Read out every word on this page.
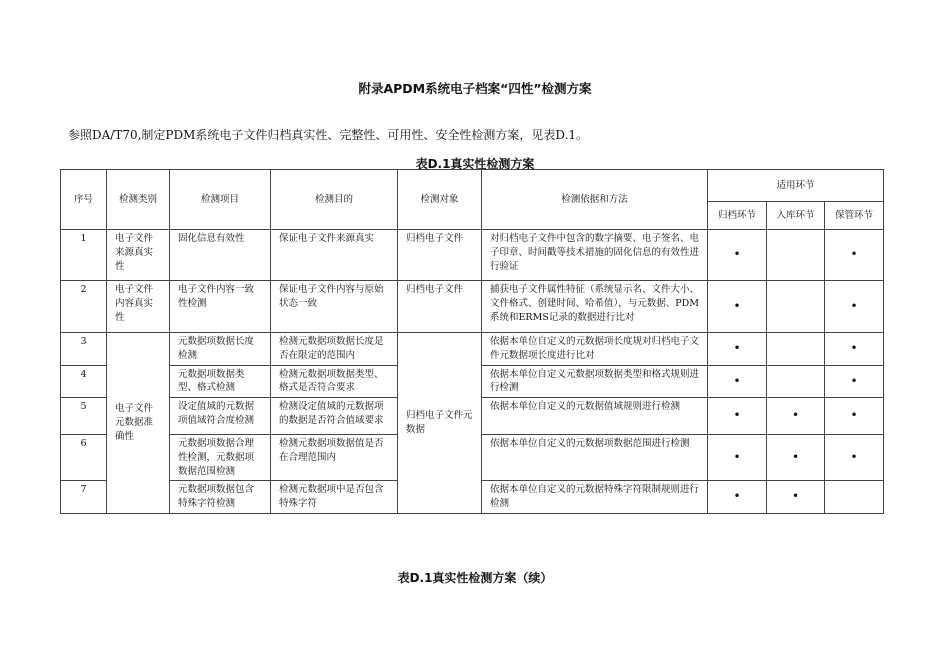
附录APDM系统电子档案“四性”检测方案
参照DA/T70,制定PDM系统电子文件归档真实性、完整性、可用性、安全性检测方案，见表D.1。
表D.1真实性检测方案
序号	检测类别	检测项目	检测目的	检测对象	检测依据和方法	适用环节		
						归档环节	入库环节	保管环节
1	电子文件来源真实性	固化信息有效性	保证电子文件来源真实	归档电子文件	对归档电子文件中包含的数字摘要、电子签名、电子印章、时间戳等技术措施的固化信息的有效性进行验证	•		•
2	电子文件内容真实性	电子文件内容一致性检测	保证电子文件内容与原始状态一致	归档电子文件	捕获电子文件属性特征（系统显示名、文件大小、文件格式、创建时间、哈希值），与元数据、PDM系统和ERMS记录的数据进行比对	•		•
3	电子文件元数据准确性	元数据项数据长度检测	检测元数据项数据长度是否在限定的范围内	归档电子文件元数据	依据本单位自定义的元数据项长度规对归档电子文件元数据项长度进行比对	•		•
4		元数据项数据类型、格式检测	检测元数据项数据类型、格式是否符合要求		依据本单位自定义元数据项数据类型和格式规则进行检测	•		•
5		设定值域的元数据项值域符合度检测	检测设定值域的元数据项的数据是否符合值域要求		依据本单位自定义的元数据值域规则进行检测	•	•	•
6		元数据项数据合理性检测，元数据项数据范围检测	检测元数据项数据值是否在合理范围内		依据本单位自定义的元数据项数据范围进行检测	•	•	•
7		元数据项数据包含特殊字符检测	检测元数据项中是否包含特殊字符		依据本单位自定义的元数据特殊字符限制规则进行检测	•	•	
表D.1真实性检测方案（续）
